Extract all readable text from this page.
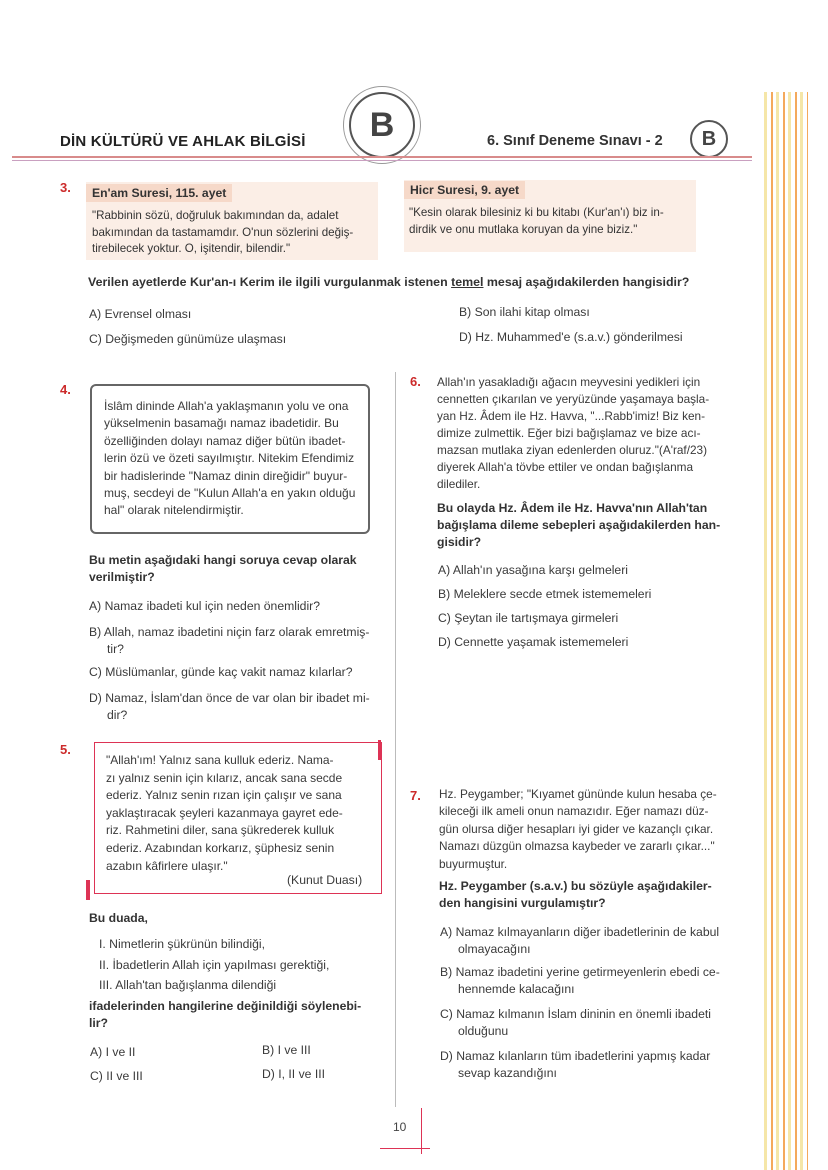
DİN KÜLTÜRÜ VE AHLAK BİLGİSİ	B	6. Sınıf Deneme Sınavı - 2	B
3.	En'am Suresi, 115. ayet
"Rabbinin sözü, doğruluk bakımından da, adalet
bakımından da tastamamdır. O'nun sözlerini değiş-
tirebilecek yoktur. O, işitendir, bilendir."
Hicr Suresi, 9. ayet
"Kesin olarak bilesiniz ki bu kitabı (Kur'an'ı) biz in-
dirdik ve onu mutlaka koruyan da yine biziz."
Verilen ayetlerde Kur'an-ı Kerim ile ilgili vurgulanmak istenen temel mesaj aşağıdakilerden hangisidir?
A) Evrensel olması	B) Son ilahi kitap olması
C) Değişmeden günümüze ulaşması	D) Hz. Muhammed'e (s.a.v.) gönderilmesi
4.
İslâm dininde Allah'a yaklaşmanın yolu ve ona
yükselmenin basamağı namaz ibadetidir. Bu
özelliğinden dolayı namaz diğer bütün ibadet-
lerin özü ve özeti sayılmıştır. Nitekim Efendimiz
bir hadislerinde "Namaz dinin direğidir" buyur-
muş, secdeyi de "Kulun Allah'a en yakın olduğu
hal" olarak nitelendirmiştir.
Bu metin aşağıdaki hangi soruya cevap olarak
verilmiştir?
A) Namaz ibadeti kul için neden önemlidir?
B) Allah, namaz ibadetini niçin farz olarak emretmiş-
tir?
C) Müslümanlar, günde kaç vakit namaz kılarlar?
D) Namaz, İslam'dan önce de var olan bir ibadet mi-
dir?
5.
"Allah'ım! Yalnız sana kulluk ederiz. Nama-
zı yalnız senin için kılarız, ancak sana secde
ederiz. Yalnız senin rızan için çalışır ve sana
yaklaştıracak şeyleri kazanmaya gayret ede-
riz. Rahmetini diler, sana şükrederek kulluk
ederiz. Azabından korkarız, şüphesiz senin
azabın kâfirlere ulaşır."
(Kunut Duası)
Bu duada,
I. Nimetlerin şükrünün bilindiği,
II. İbadetlerin Allah için yapılması gerektiği,
III. Allah'tan bağışlanma dilendiği
ifadelerinden hangilerine değinildiği söylenebi-
lir?
A) I ve II	B) I ve III
C) II ve III	D) I, II ve III
6. Allah'ın yasakladığı ağacın meyvesini yedikleri için
cennetten çıkarılan ve yeryüzünde yaşamaya başla-
yan Hz. Âdem ile Hz. Havva, "...Rabb'imiz! Biz ken-
dimize zulmettik. Eğer bizi bağışlamaz ve bize acı-
mazsan mutlaka ziyan edenlerden oluruz."(A'raf/23)
diyerek Allah'a tövbe ettiler ve ondan bağışlanma
dilediler.
Bu olayda Hz. Âdem ile Hz. Havva'nın Allah'tan
bağışlama dileme sebepleri aşağıdakilerden han-
gisidir?
A) Allah'ın yasağına karşı gelmeleri
B) Meleklere secde etmek istememeleri
C) Şeytan ile tartışmaya girmeleri
D) Cennette yaşamak istememeleri
7. Hz. Peygamber; "Kıyamet gününde kulun hesaba çe-
kileceği ilk ameli onun namazıdır. Eğer namazı düz-
gün olursa diğer hesapları iyi gider ve kazançlı çıkar.
Namazı düzgün olmazsa kaybeder ve zararlı çıkar..."
buyurmuştur.
Hz. Peygamber (s.a.v.) bu sözüyle aşağıdakiler-
den hangisini vurgulamıştır?
A) Namaz kılmayanların diğer ibadetlerinin de kabul
olmayacağını
B) Namaz ibadetini yerine getirmeyenlerin ebedi ce-
hennemde kalacağını
C) Namaz kılmanın İslam dininin en önemli ibadeti
olduğunu
D) Namaz kılanların tüm ibadetlerini yapmış kadar
sevap kazandığını
10
